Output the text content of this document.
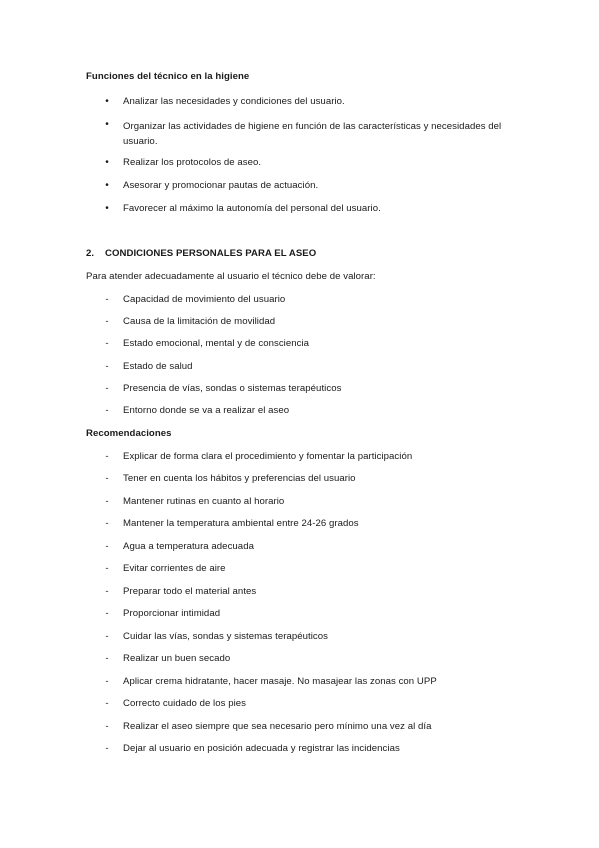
Funciones del técnico en la higiene
•	Analizar las necesidades y condiciones del usuario.
•	Organizar las actividades de higiene en función de las características y necesidades del usuario.
•	Realizar los protocolos de aseo.
•	Asesorar y promocionar pautas de actuación.
•	Favorecer al máximo la autonomía del personal del usuario.
2. CONDICIONES PERSONALES PARA EL ASEO
Para atender adecuadamente al usuario el técnico debe de valorar:
-	Capacidad de movimiento del usuario
-	Causa de la limitación de movilidad
-	Estado emocional, mental y de consciencia
-	Estado de salud
-	Presencia de vías, sondas o sistemas terapéuticos
-	Entorno donde se va a realizar el aseo
Recomendaciones
-	Explicar de forma clara el procedimiento y fomentar la participación
-	Tener en cuenta los hábitos y preferencias del usuario
-	Mantener rutinas en cuanto al horario
-	Mantener la temperatura ambiental entre 24-26 grados
-	Agua a temperatura adecuada
-	Evitar corrientes de aire
-	Preparar todo el material antes
-	Proporcionar intimidad
-	Cuidar las vías, sondas y sistemas terapéuticos
-	Realizar un buen secado
-	Aplicar crema hidratante, hacer masaje. No masajear las zonas con UPP
-	Correcto cuidado de los pies
-	Realizar el aseo siempre que sea necesario pero mínimo una vez al día
-	Dejar al usuario en posición adecuada y registrar las incidencias
